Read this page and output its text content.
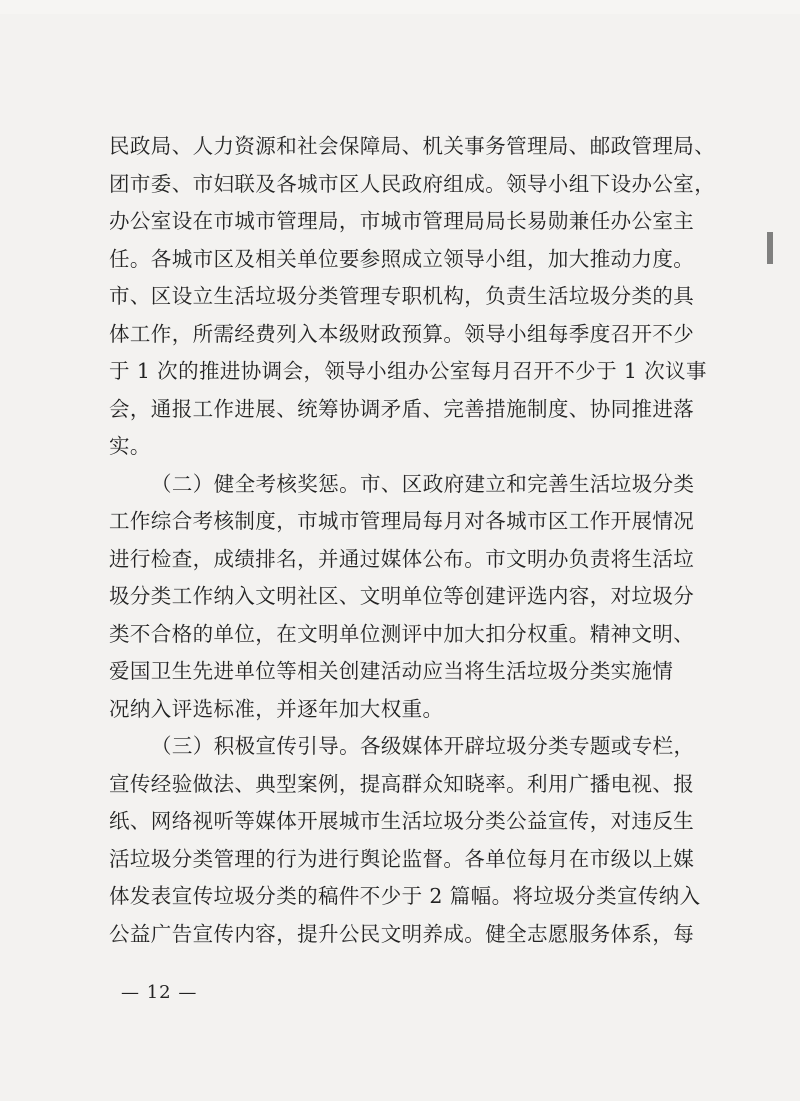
民政局、人力资源和社会保障局、机关事务管理局、邮政管理局、
团市委、市妇联及各城市区人民政府组成。领导小组下设办公室，
办公室设在市城市管理局，市城市管理局局长易勋兼任办公室主
任。各城市区及相关单位要参照成立领导小组，加大推动力度。
市、区设立生活垃圾分类管理专职机构，负责生活垃圾分类的具
体工作，所需经费列入本级财政预算。领导小组每季度召开不少
于 1 次的推进协调会，领导小组办公室每月召开不少于 1 次议事
会，通报工作进展、统筹协调矛盾、完善措施制度、协同推进落
实。
（二）健全考核奖惩。市、区政府建立和完善生活垃圾分类
工作综合考核制度，市城市管理局每月对各城市区工作开展情况
进行检查，成绩排名，并通过媒体公布。市文明办负责将生活垃
圾分类工作纳入文明社区、文明单位等创建评选内容，对垃圾分
类不合格的单位，在文明单位测评中加大扣分权重。精神文明、
爱国卫生先进单位等相关创建活动应当将生活垃圾分类实施情
况纳入评选标准，并逐年加大权重。
（三）积极宣传引导。各级媒体开辟垃圾分类专题或专栏，
宣传经验做法、典型案例，提高群众知晓率。利用广播电视、报
纸、网络视听等媒体开展城市生活垃圾分类公益宣传，对违反生
活垃圾分类管理的行为进行舆论监督。各单位每月在市级以上媒
体发表宣传垃圾分类的稿件不少于 2 篇幅。将垃圾分类宣传纳入
公益广告宣传内容，提升公民文明养成。健全志愿服务体系，每
— 12 —
